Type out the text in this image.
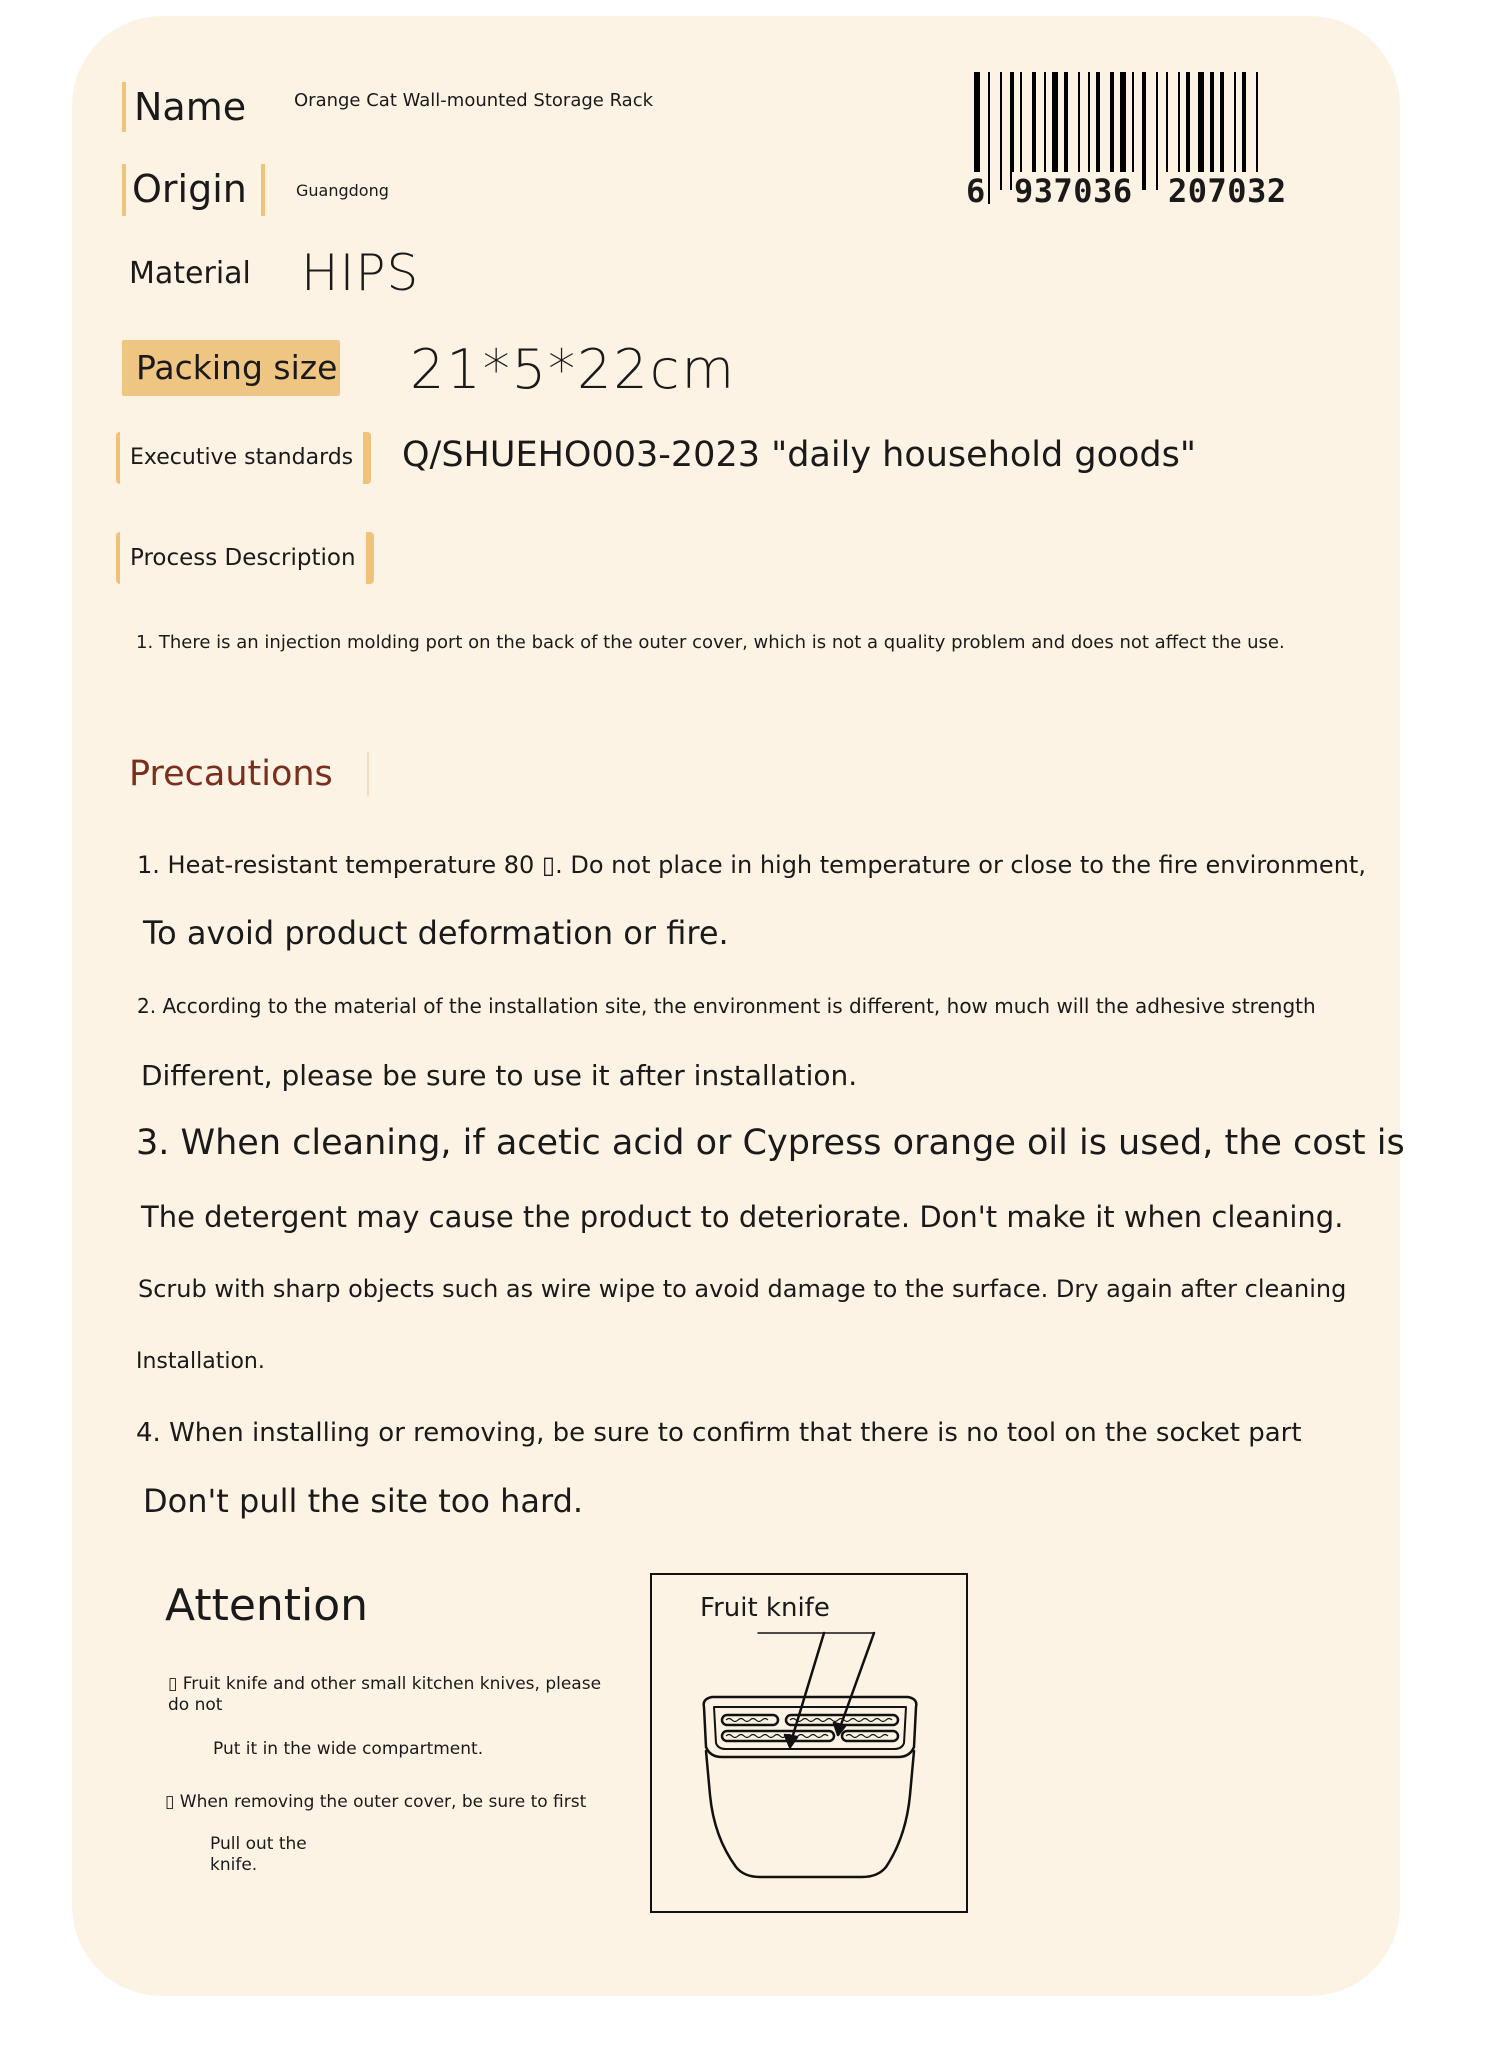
Name	Orange Cat Wall-mounted Storage Rack
Origin	Guangdong
Material HIPS
Packing size 21*5*22cm
Executive standards	Q/SHUEHO003-2023 "daily household goods"
Process Description
1. There is an injection molding port on the back of the outer cover, which is not a quality problem and does not affect the use.
6 937036 207032
Precautions
1. Heat-resistant temperature 80 ▯. Do not place in high temperature or close to the fire environment,
To avoid product deformation or fire.
2. According to the material of the installation site, the environment is different, how much will the adhesive strength
Different, please be sure to use it after installation.
3. When cleaning, if acetic acid or Cypress orange oil is used, the cost is
The detergent may cause the product to deteriorate. Don't make it when cleaning.
Scrub with sharp objects such as wire wipe to avoid damage to the surface. Dry again after cleaning
Installation.
4. When installing or removing, be sure to confirm that there is no tool on the socket part
Don't pull the site too hard.
Attention
▯ Fruit knife and other small kitchen knives, please
do not
Put it in the wide compartment.
▯ When removing the outer cover, be sure to first
Pull out the
knife.
Fruit knife
